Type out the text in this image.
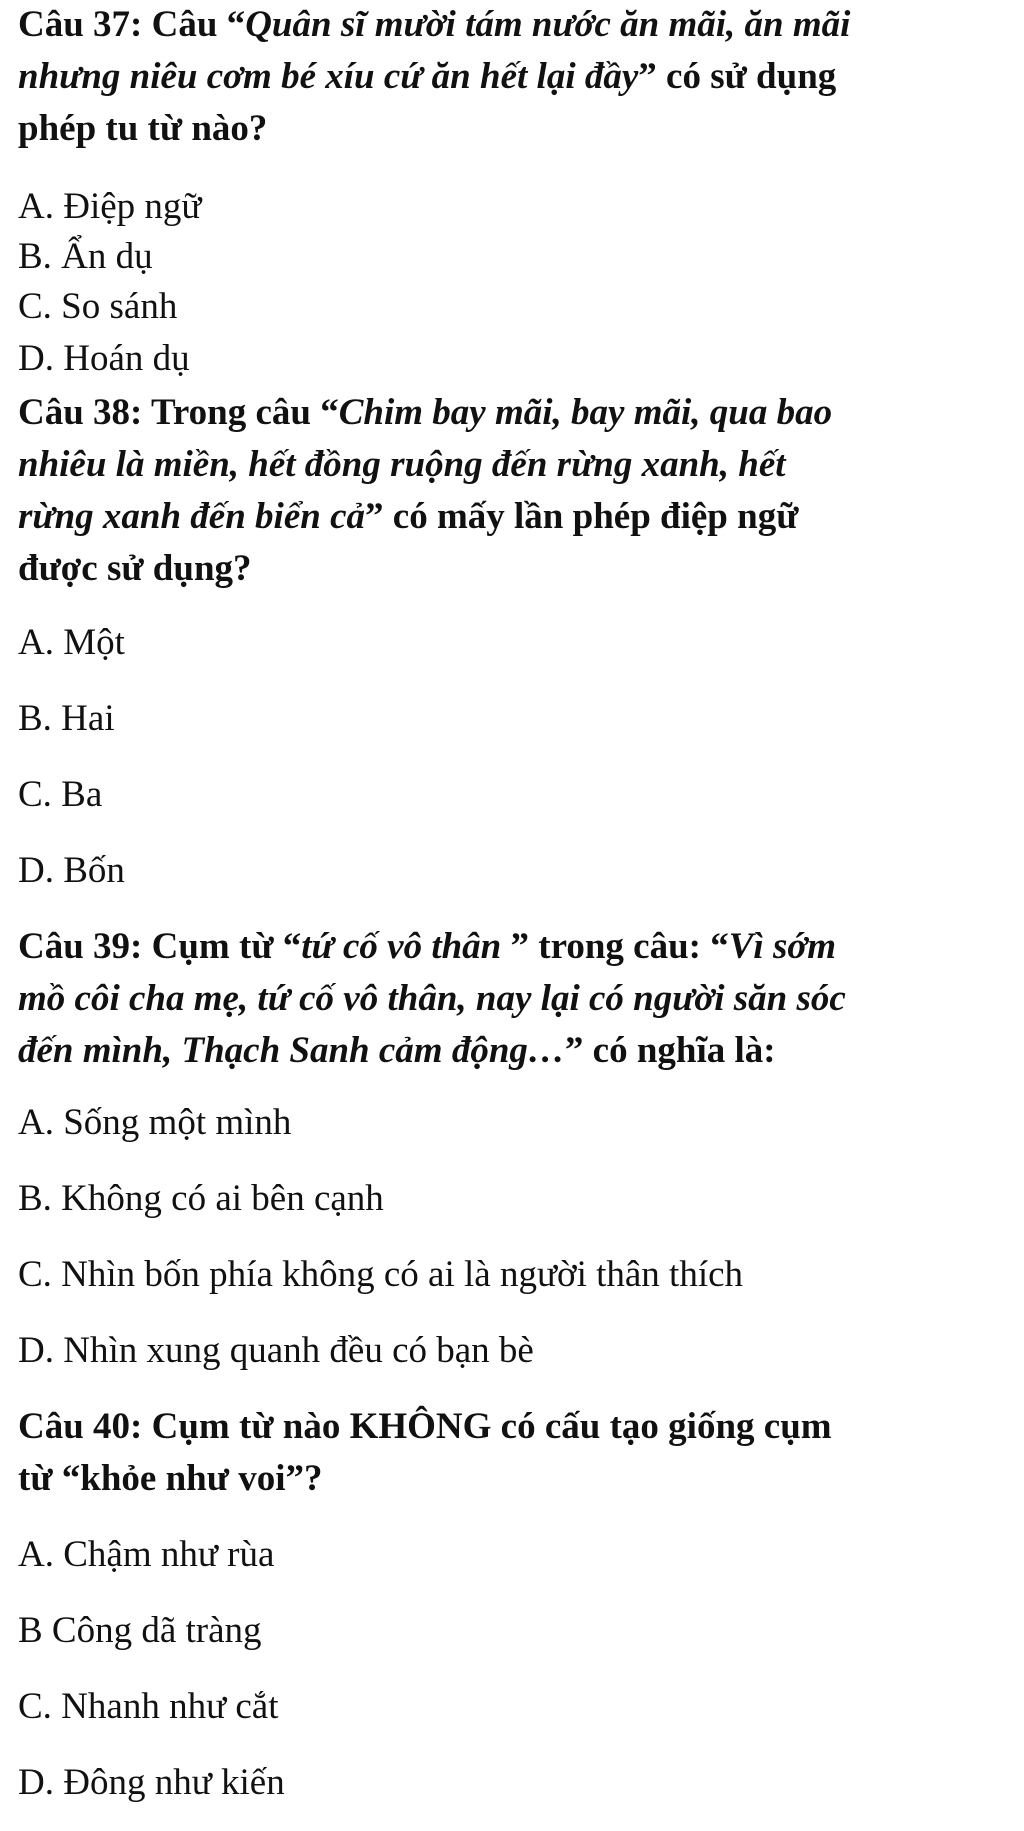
Câu 37: Câu “Quân sĩ mười tám nước ăn mãi, ăn mãi
nhưng niêu cơm bé xíu cứ ăn hết lại đầy” có sử dụng
phép tu từ nào?
A. Điệp ngữ
B. Ẩn dụ
C. So sánh
D. Hoán dụ
Câu 38: Trong câu “Chim bay mãi, bay mãi, qua bao
nhiêu là miền, hết đồng ruộng đến rừng xanh, hết
rừng xanh đến biển cả” có mấy lần phép điệp ngữ
được sử dụng?
A. Một
B. Hai
C. Ba
D. Bốn
Câu 39: Cụm từ “tứ cố vô thân ” trong câu: “Vì sớm
mồ côi cha mẹ, tứ cố vô thân, nay lại có người săn sóc
đến mình, Thạch Sanh cảm động…” có nghĩa là:
A. Sống một mình
B. Không có ai bên cạnh
C. Nhìn bốn phía không có ai là người thân thích
D. Nhìn xung quanh đều có bạn bè
Câu 40: Cụm từ nào KHÔNG có cấu tạo giống cụm
từ “khỏe như voi”?
A. Chậm như rùa
B Công dã tràng
C. Nhanh như cắt
D. Đông như kiến
